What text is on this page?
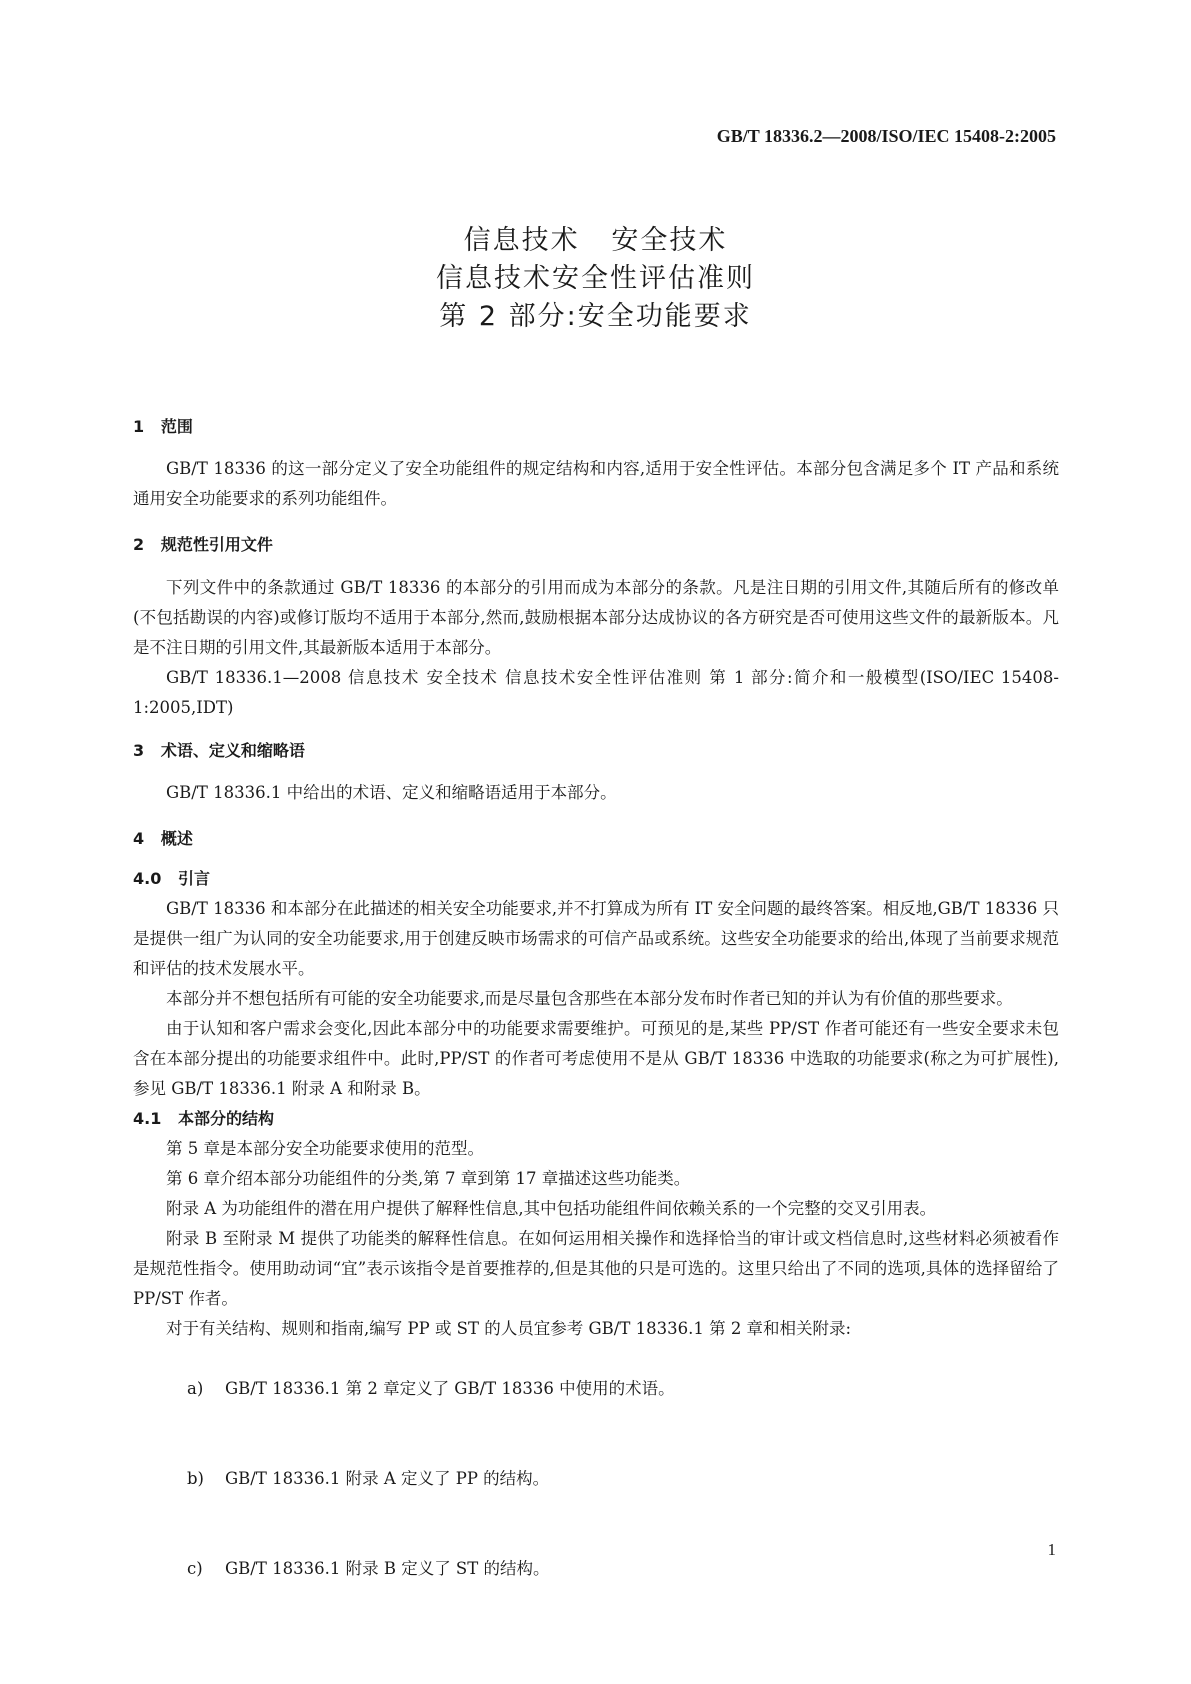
GB/T 18336.2—2008/ISO/IEC 15408-2:2005
信息技术   安全技术
信息技术安全性评估准则
第 2 部分:安全功能要求
1   范围

GB/T 18336 的这一部分定义了安全功能组件的规定结构和内容,适用于安全性评估。本部分包含满足多个 IT 产品和系统通用安全功能要求的系列功能组件。

2   规范性引用文件

下列文件中的条款通过 GB/T 18336 的本部分的引用而成为本部分的条款。凡是注日期的引用文件,其随后所有的修改单(不包括勘误的内容)或修订版均不适用于本部分,然而,鼓励根据本部分达成协议的各方研究是否可使用这些文件的最新版本。凡是不注日期的引用文件,其最新版本适用于本部分。

GB/T 18336.1—2008 信息技术 安全技术 信息技术安全性评估准则 第 1 部分:简介和一般模型(ISO/IEC 15408-1:2005,IDT)

3   术语、定义和缩略语

GB/T 18336.1 中给出的术语、定义和缩略语适用于本部分。

4   概述
4.0   引言

GB/T 18336 和本部分在此描述的相关安全功能要求,并不打算成为所有 IT 安全问题的最终答案。相反地,GB/T 18336 只是提供一组广为认同的安全功能要求,用于创建反映市场需求的可信产品或系统。这些安全功能要求的给出,体现了当前要求规范和评估的技术发展水平。

本部分并不想包括所有可能的安全功能要求,而是尽量包含那些在本部分发布时作者已知的并认为有价值的那些要求。

由于认知和客户需求会变化,因此本部分中的功能要求需要维护。可预见的是,某些 PP/ST 作者可能还有一些安全要求未包含在本部分提出的功能要求组件中。此时,PP/ST 的作者可考虑使用不是从 GB/T 18336 中选取的功能要求(称之为可扩展性),参见 GB/T 18336.1 附录 A 和附录 B。

4.1   本部分的结构

第 5 章是本部分安全功能要求使用的范型。

第 6 章介绍本部分功能组件的分类,第 7 章到第 17 章描述这些功能类。

附录 A 为功能组件的潜在用户提供了解释性信息,其中包括功能组件间依赖关系的一个完整的交叉引用表。

附录 B 至附录 M 提供了功能类的解释性信息。在如何运用相关操作和选择恰当的审计或文档信息时,这些材料必须被看作是规范性指令。使用助动词“宜”表示该指令是首要推荐的,但是其他的只是可选的。这里只给出了不同的选项,具体的选择留给了 PP/ST 作者。

对于有关结构、规则和指南,编写 PP 或 ST 的人员宜参考 GB/T 18336.1 第 2 章和相关附录:

a) GB/T 18336.1 第 2 章定义了 GB/T 18336 中使用的术语。

b) GB/T 18336.1 附录 A 定义了 PP 的结构。

c) GB/T 18336.1 附录 B 定义了 ST 的结构。

1
